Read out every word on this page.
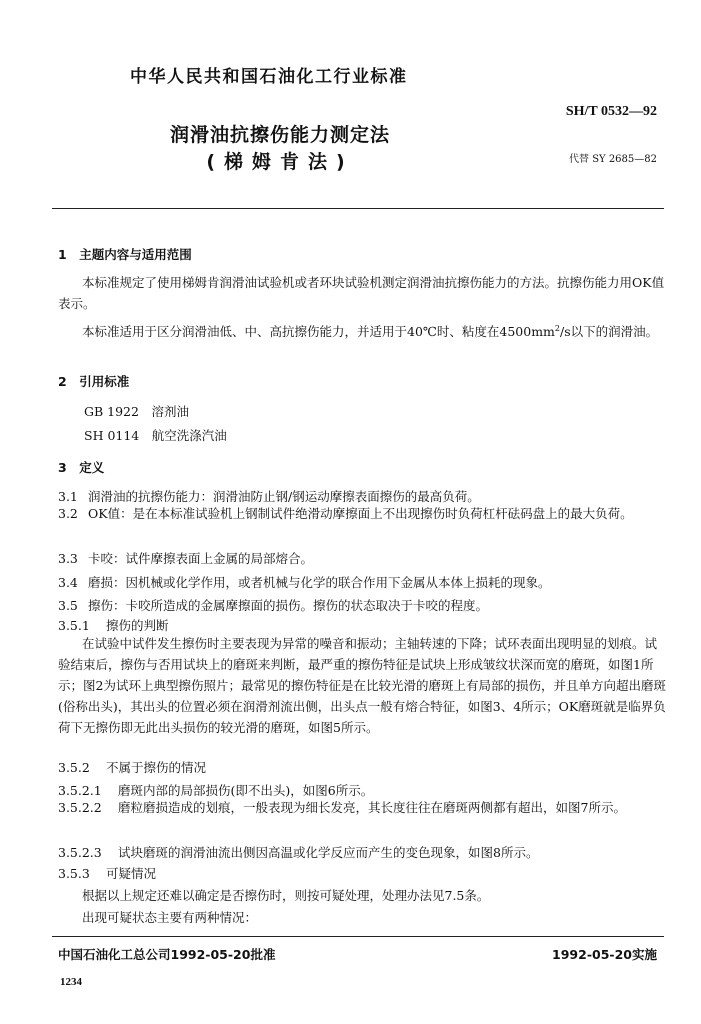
中华人民共和国石油化工行业标准
SH/T 0532—92
润滑油抗擦伤能力测定法
(梯姆肯法)	代替 SY 2685—82
1　主题内容与适用范围
本标准规定了使用梯姆肯润滑油试验机或者环块试验机测定润滑油抗擦伤能力的方法。抗擦伤能力用OK值表示。
本标准适用于区分润滑油低、中、高抗擦伤能力，并适用于40℃时、粘度在$4500mm^2/s$以下的润滑油。
2　引用标准
GB 1922　溶剂油
SH 0114　航空洗涤汽油
3　定义
3.1 润滑油的抗擦伤能力：润滑油防止钢/钢运动摩擦表面擦伤的最高负荷。
3.2 OK值：是在本标准试验机上钢制试件绝滑动摩擦面上不出现擦伤时负荷杠杆砝码盘上的最大负荷。
3.3 卡咬：试件摩擦表面上金属的局部熔合。
3.4 磨损：因机械或化学作用，或者机械与化学的联合作用下金属从本体上损耗的现象。
3.5 擦伤：卡咬所造成的金属摩擦面的损伤。擦伤的状态取决于卡咬的程度。
3.5.1 擦伤的判断
在试验中试件发生擦伤时主要表现为异常的噪音和振动；主轴转速的下降；试环表面出现明显的划痕。试验结束后，擦伤与否用试块上的磨斑来判断，最严重的擦伤特征是试块上形成皱纹状深而宽的磨斑，如图1所示；图2为试环上典型擦伤照片；最常见的擦伤特征是在比较光滑的磨斑上有局部的损伤，并且单方向超出磨斑(俗称出头)，其出头的位置必须在润滑剂流出侧，出头点一般有熔合特征，如图3、4所示；OK磨斑就是临界负荷下无擦伤即无此出头损伤的较光滑的磨斑，如图5所示。
3.5.2 不属于擦伤的情况
3.5.2.1 磨斑内部的局部损伤(即不出头)，如图6所示。
3.5.2.2 磨粒磨损造成的划痕，一般表现为细长发亮，其长度往往在磨斑两侧都有超出，如图7所示。
3.5.2.3 试块磨斑的润滑油流出侧因高温或化学反应而产生的变色现象，如图8所示。
3.5.3 可疑情况
根据以上规定还难以确定是否擦伤时，则按可疑处理，处理办法见7.5条。
出现可疑状态主要有两种情况：
中国石油化工总公司1992-05-20批准	1992-05-20实施
1234
